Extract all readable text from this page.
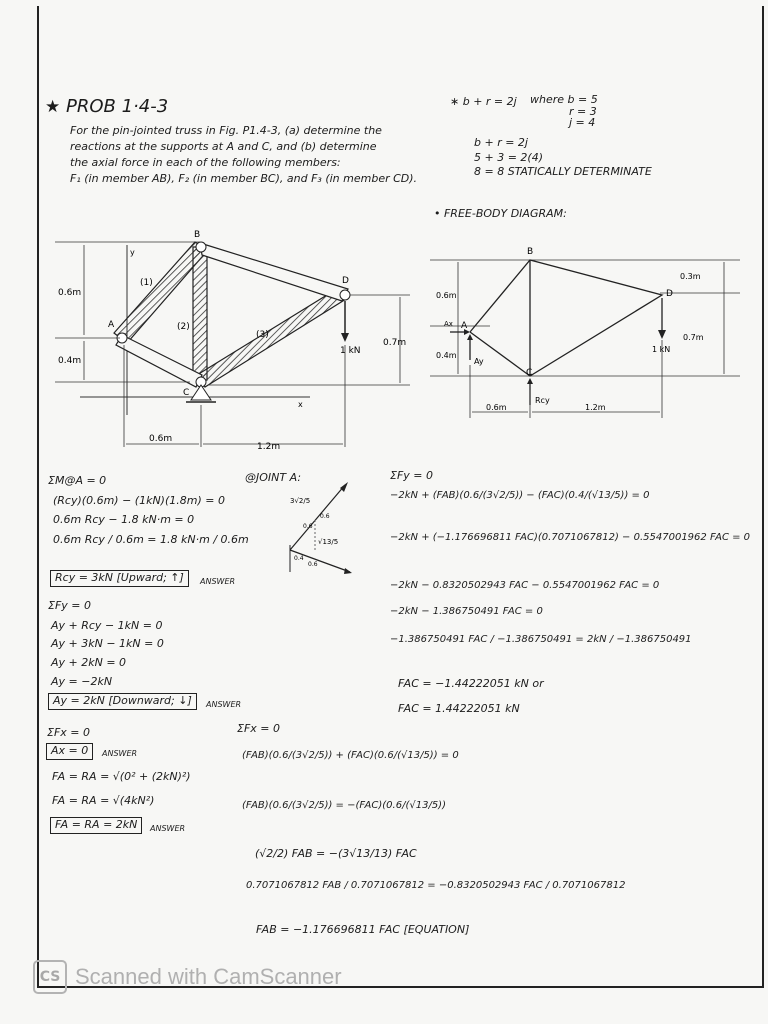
★ PROB 1·4-3
For the pin-jointed truss in Fig. P1.4-3, (a) determine the
reactions at the supports at A and C, and (b) determine
the axial force in each of the following members:
F₁ (in member AB), F₂ (in member BC), and F₃ (in member CD).
∗ b + r = 2j where b = 5
r = 3
j = 4
b + r = 2j
5 + 3 = 2(4)
8 = 8 STATICALLY DETERMINATE
• FREE-BODY DIAGRAM:
B
A
C
D
y
x
(1)
(2)
(3)
0.6m
0.4m
0.7m
0.6m
1.2m
1 kN
B
A
C
D
Ax
Ay
Rcy
0.3m
0.6m
0.4m
0.7m
0.6m	1.2m
1 kN
@JOINT A:
3√2/5
0.6
0.6
√13/5
0.4
0.6
ΣM@A = 0
(Rcy)(0.6m) − (1kN)(1.8m) = 0
0.6m Rcy − 1.8 kN·m = 0
0.6m Rcy / 0.6m = 1.8 kN·m / 0.6m
Rcy = 3kN [Upward; ↑]	ANSWER
ΣFy = 0
Ay + Rcy − 1kN = 0
Ay + 3kN − 1kN = 0
Ay + 2kN = 0
Ay = −2kN
Ay = 2kN [Downward; ↓]	ANSWER
ΣFx = 0
Ax = 0	ANSWER
FA = RA = √(0² + (2kN)²)
FA = RA = √(4kN²)
FA = RA = 2kN	ANSWER
ΣFy = 0
−2kN + (FAB)(0.6/(3√2/5)) − (FAC)(0.4/(√13/5)) = 0
−2kN + (−1.176696811 FAC)(0.7071067812) − 0.5547001962 FAC = 0
−2kN − 0.8320502943 FAC − 0.5547001962 FAC = 0
−2kN − 1.386750491 FAC = 0
−1.386750491 FAC / −1.386750491 = 2kN / −1.386750491
FAC = −1.44222051 kN or
FAC = 1.44222051 kN
ΣFx = 0
(FAB)(0.6/(3√2/5)) + (FAC)(0.6/(√13/5)) = 0
(FAB)(0.6/(3√2/5)) = −(FAC)(0.6/(√13/5))
(√2/2) FAB = −(3√13/13) FAC
0.7071067812 FAB / 0.7071067812 = −0.8320502943 FAC / 0.7071067812
FAB = −1.176696811 FAC [EQUATION]
CS Scanned with CamScanner
